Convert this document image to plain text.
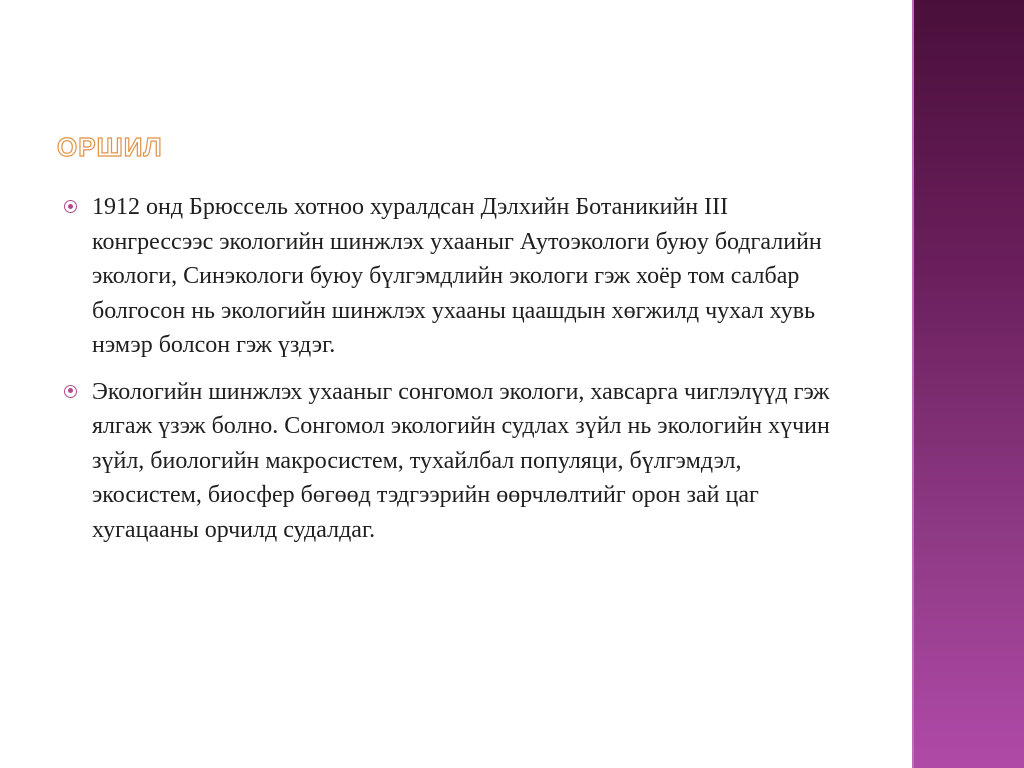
ОРШИЛ
1912 онд Брюссель хотноо хуралдсан Дэлхийн Ботаникийн III конгрессээс экологийн шинжлэх ухааныг Аутоэкологи буюу бодгалийн экологи, Синэкологи буюу бүлгэмдлийн экологи гэж хоёр том салбар болгосон нь экологийн шинжлэх ухааны цаашдын хөгжилд чухал хувь нэмэр болсон гэж үздэг.
Экологийн шинжлэх ухааныг сонгомол экологи, хавсарга чиглэлүүд гэж ялгаж үзэж болно. Сонгомол экологийн судлах зүйл нь экологийн хүчин зүйл, биологийн макросистем, тухайлбал популяци, бүлгэмдэл, экосистем, биосфер бөгөөд тэдгээрийн өөрчлөлтийг орон зай цаг хугацааны орчилд судалдаг.
